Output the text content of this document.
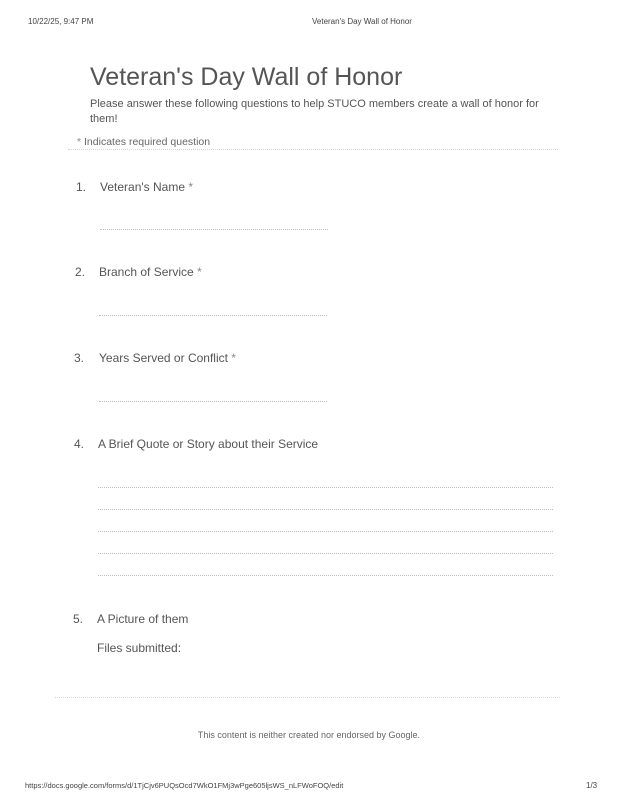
10/22/25, 9:47 PM	Veteran's Day Wall of Honor
Veteran's Day Wall of Honor
Please answer these following questions to help STUCO members create a wall of honor for them!
* Indicates required question
1. Veteran's Name *
2. Branch of Service *
3. Years Served or Conflict *
4. A Brief Quote or Story about their Service
5. A Picture of them
Files submitted:
This content is neither created nor endorsed by Google.
https://docs.google.com/forms/d/1TjCjv6PUQsOcd7WkO1FMj3wPge605ljsWS_nLFWoFOQ/edit	1/3
